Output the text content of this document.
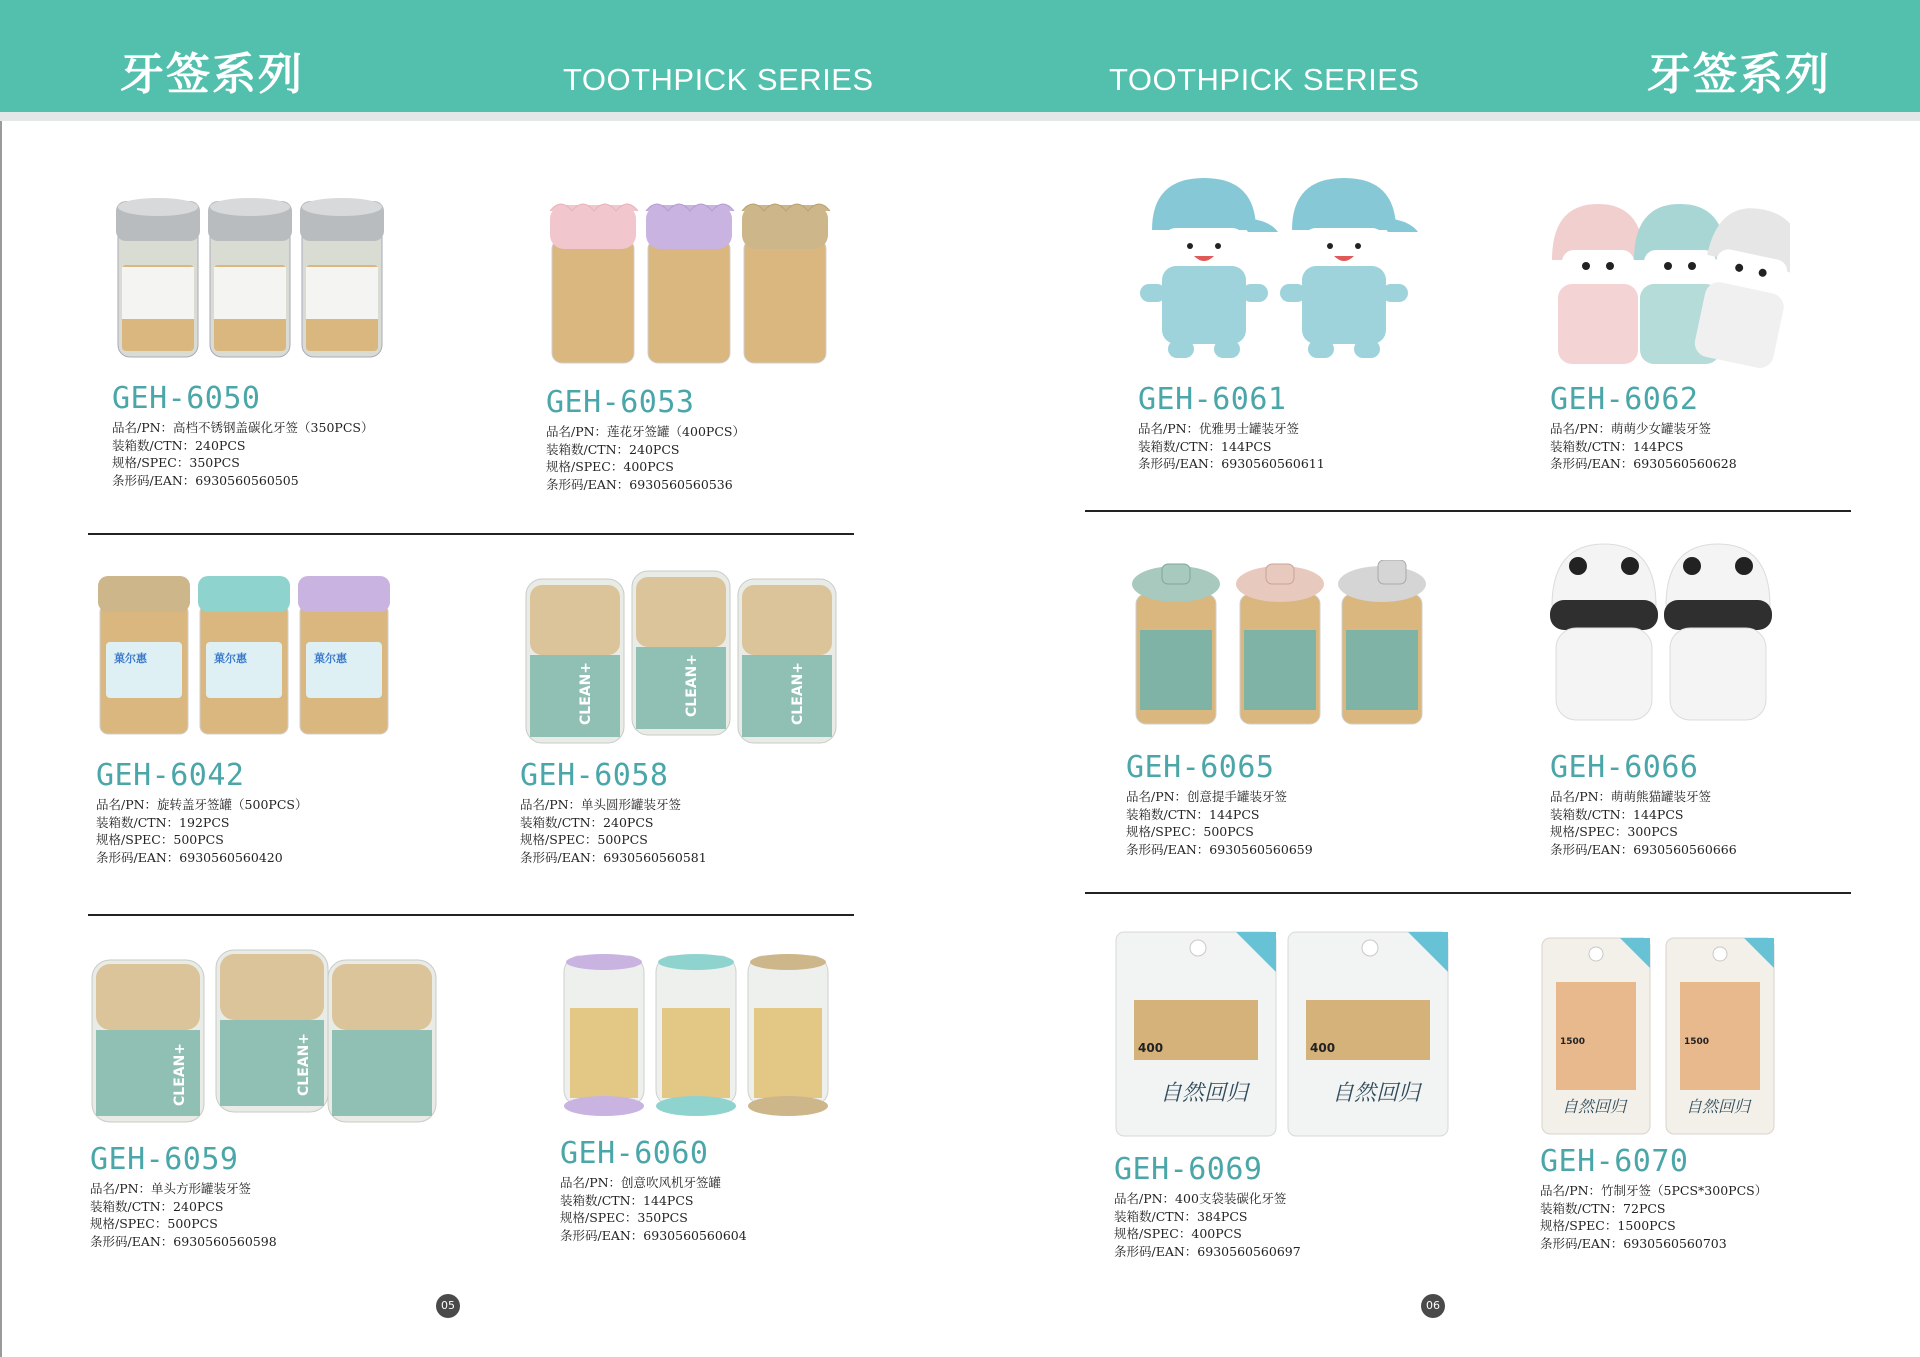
牙签系列	TOOTHPICK SERIES	TOOTHPICK SERIES	牙签系列
GEH-6050
品名/PN：高档不锈钢盖碳化牙签（350PCS）
装箱数/CTN：240PCS
规格/SPEC：350PCS
条形码/EAN：6930560560505
GEH-6053
品名/PN：莲花牙签罐（400PCS）
装箱数/CTN：240PCS
规格/SPEC：400PCS
条形码/EAN：6930560560536
菓尔惠	菓尔惠	菓尔惠
GEH-6042
品名/PN：旋转盖牙签罐（500PCS）
装箱数/CTN：192PCS
规格/SPEC：500PCS
条形码/EAN：6930560560420
CLEAN+	CLEAN+	CLEAN+
GEH-6058
品名/PN：单头圆形罐装牙签
装箱数/CTN：240PCS
规格/SPEC：500PCS
条形码/EAN：6930560560581
CLEAN+	CLEAN+
GEH-6059
品名/PN：单头方形罐装牙签
装箱数/CTN：240PCS
规格/SPEC：500PCS
条形码/EAN：6930560560598
GEH-6060
品名/PN：创意吹风机牙签罐
装箱数/CTN：144PCS
规格/SPEC：350PCS
条形码/EAN：6930560560604
05
GEH-6061
品名/PN：优雅男士罐装牙签
装箱数/CTN：144PCS
条形码/EAN：6930560560611
GEH-6062
品名/PN：萌萌少女罐装牙签
装箱数/CTN：144PCS
条形码/EAN：6930560560628
GEH-6065
品名/PN：创意提手罐装牙签
装箱数/CTN：144PCS
规格/SPEC：500PCS
条形码/EAN：6930560560659
GEH-6066
品名/PN：萌萌熊猫罐装牙签
装箱数/CTN：144PCS
规格/SPEC：300PCS
条形码/EAN：6930560560666
400
自然回归
400
自然回归
GEH-6069
品名/PN：400支袋装碳化牙签
装箱数/CTN：384PCS
规格/SPEC：400PCS
条形码/EAN：6930560560697
1500
自然回归
1500
自然回归
GEH-6070
品名/PN：竹制牙签（5PCS*300PCS）
装箱数/CTN：72PCS
规格/SPEC：1500PCS
条形码/EAN：6930560560703
06
